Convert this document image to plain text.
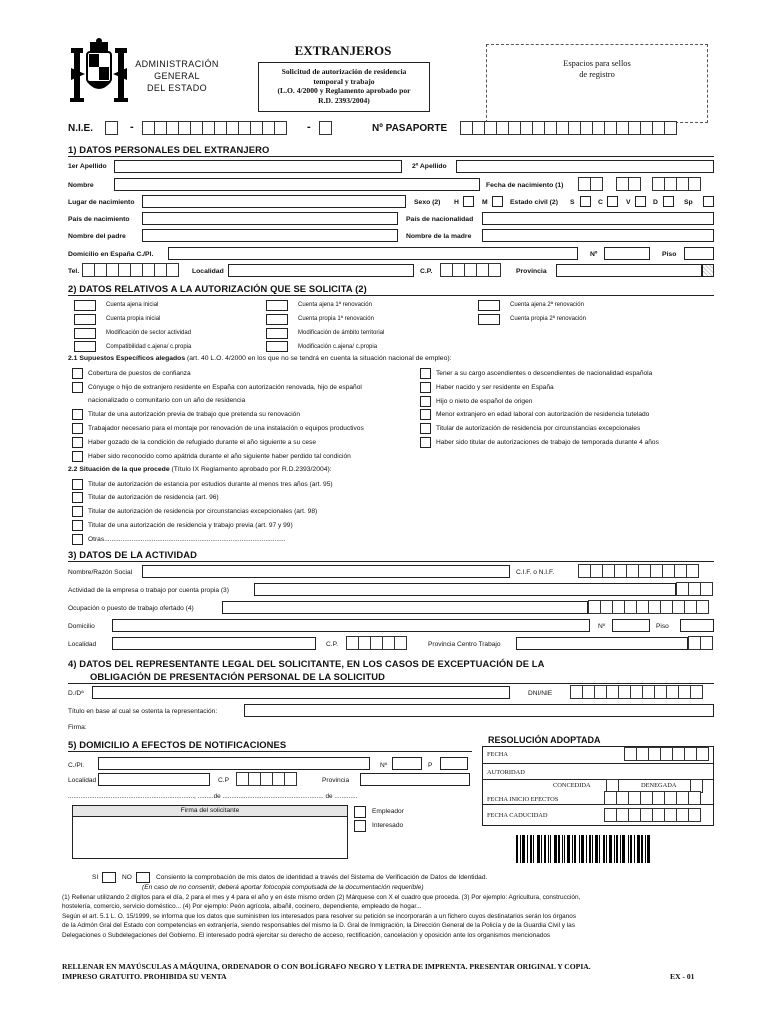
ADMINISTRACIÓN
GENERAL
DEL ESTADO
EXTRANJEROS
Solicitud de autorización de residencia
temporal y trabajo
(L.O. 4/2000 y Reglamento aprobado por
R.D. 2393/2004)
Espacios para sellos
de registro
N.I.E.	-	-	Nº PASAPORTE
1) DATOS PERSONALES DEL EXTRANJERO
1er Apellido	2º Apellido
Nombre	Fecha de nacimiento (1)
Lugar de nacimiento	Sexo (2) H	M	Estado civil (2) S	C	V	D	Sp
País de nacimiento	País de nacionalidad
Nombre del padre	Nombre de la madre
Domicilio en España C./Pl.	Nº	Piso
Tel.	Localidad	C.P.	Provincia
2) DATOS RELATIVOS A LA AUTORIZACIÓN QUE SE SOLICITA (2)
Cuenta ajena inicial	Cuenta ajena 1ª renovación	Cuenta ajena 2ª renovación
Cuenta propia inicial	Cuenta propia 1ª renovación	Cuenta propia 2ª renovación
Modificación de sector actividad	Modificación de ámbito territorial
Compatibilidad c.ajena/ c.propia	Modificación c.ajena/ c.propia
2.1 Supuestos Específicos alegados (art. 40 L.O. 4/2000 en los que no se tendrá en cuenta la situación nacional de empleo):
Cobertura de puestos de confianza
Cónyuge o hijo de extranjero residente en España con autorización renovada, hijo de español
nacionalizado o comunitario con un año de residencia
Titular de una autorización previa de trabajo que pretenda su renovación
Trabajador necesario para el montaje por renovación de una instalación o equipos productivos
Haber gozado de la condición de refugiado durante el año siguiente a su cese
Haber sido reconocido como apátrida durante el año siguiente haber perdido tal condición
Tener a su cargo ascendientes o descendientes de nacionalidad española
Haber nacido y ser residente en España
Hijo o nieto de español de origen
Menor extranjero en edad laboral con autorización de residencia tutelado
Titular de autorización de residencia por circunstancias excepcionales
Haber sido titular de autorizaciones de trabajo de temporada durante 4 años
2.2 Situación de la que procede (Título IX Reglamento aprobado por R.D.2393/2004):
Titular de autorización de estancia por estudios durante al menos tres años (art. 95)
Titular de autorización de residencia (art. 96)
Titular de autorización de residencia por circunstancias excepcionales (art. 98)
Titular de una autorización de residencia y trabajo previa (art. 97 y 99)
Otras...................................................................................................
3) DATOS DE LA ACTIVIDAD
Nombre/Razón Social	C.I.F. o N.I.F.
Actividad de la empresa o trabajo por cuenta propia (3)
Ocupación o puesto de trabajo ofertado (4)
Domicilio	Nº	Piso
Localidad	C.P.	Provincia Centro Trabajo
4) DATOS DEL REPRESENTANTE LEGAL DEL SOLICITANTE, EN LOS CASOS DE EXCEPTUACIÓN DE LA
OBLIGACIÓN DE PRESENTACIÓN PERSONAL DE LA SOLICITUD
D./Dª	DNI/NIE
Título en base al cual se ostenta la representación:
Firma:
5) DOMICILIO A EFECTOS DE NOTIFICACIONES
C./Pl.	Nº	P
Localidad	C.P	Provincia
......................................................................., .........de ......................................................... de .............
Firma del solicitante	Empleador
Interesado
RESOLUCIÓN ADOPTADA
FECHA
AUTORIDAD
CONCEDIDA	DENEGADA
FECHA INICIO EFECTOS
FECHA CADUCIDAD
SI	NO	Consiento la comprobación de mis datos de identidad a través del Sistema de Verificación de Datos de Identidad.
(En caso de no consentir, deberá aportar fotocopia compulsada de la documentación requerible)
(1) Rellenar utilizando 2 dígitos para el día, 2 para el mes y 4 para el año y en éste mismo orden (2) Márquese con X el cuadro que proceda. (3) Por ejemplo: Agricultura, construcción,
hostelería, comercio, servicio doméstico... (4) Por ejemplo: Peón agrícola, albañil, cocinero, dependiente, empleado de hogar...
Según el art. 5.1 L. O. 15/1999, se informa que los datos que suministren los interesados para resolver su petición se incorporarán a un fichero cuyos destinatarios serán los órganos
de la Admón Gral del Estado con competencias en extranjería, siendo responsables del mismo la D. Gral de Inmigración, la Dirección General de la Policía y de la Guardia Civil y las
Delegaciones o Subdelegaciones del Gobierno. El interesado podrá ejercitar su derecho de acceso, rectificación, cancelación y oposición ante los organismos mencionados
RELLENAR EN MAYÚSCULAS A MÁQUINA, ORDENADOR O CON BOLÍGRAFO NEGRO Y LETRA DE IMPRENTA. PRESENTAR ORIGINAL Y COPIA.
IMPRESO GRATUITO. PROHIBIDA SU VENTA	EX - 01
